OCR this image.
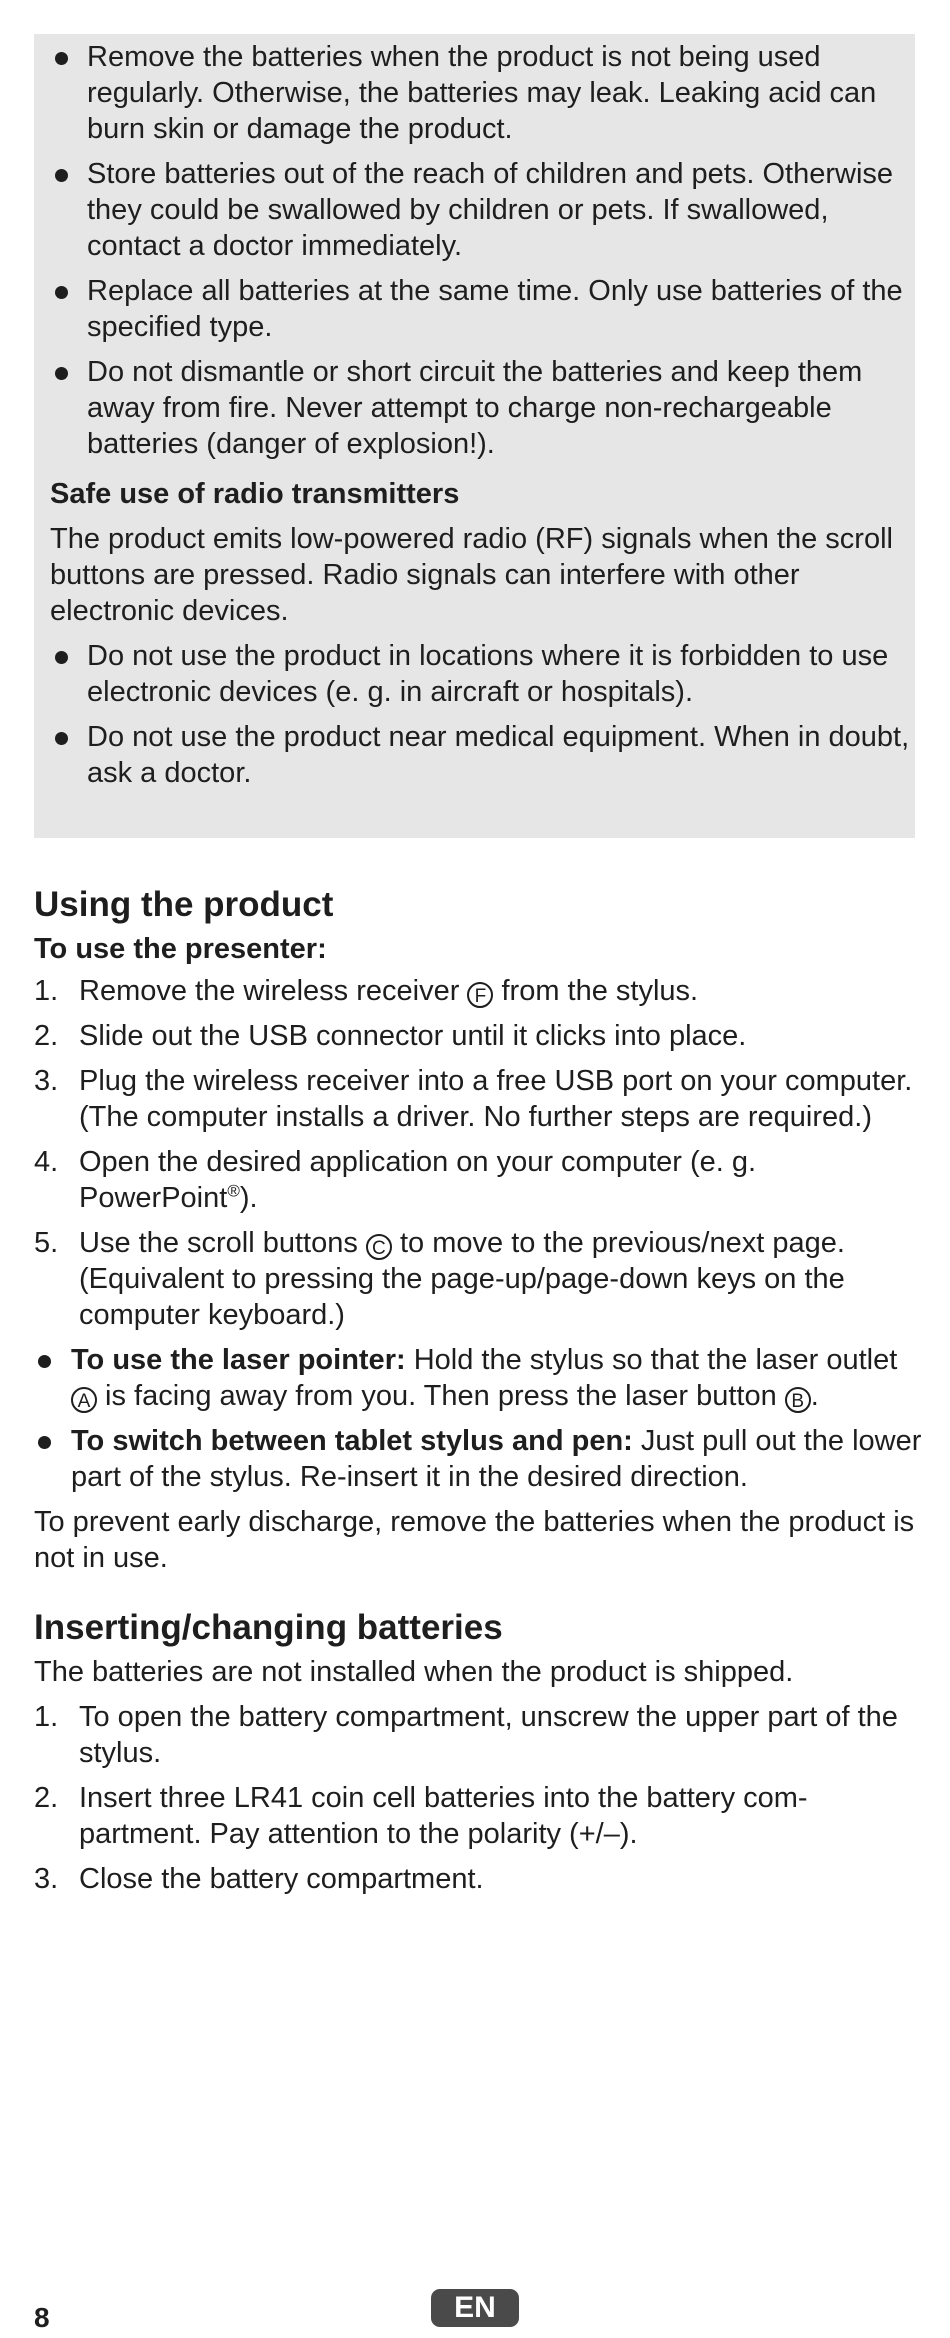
Remove the batteries when the product is not being used regularly. Otherwise, the batteries may leak. Leaking acid can burn skin or damage the product.
Store batteries out of the reach of children and pets. Otherwise they could be swallowed by children or pets. If swallowed, contact a doctor immediately.
Replace all batteries at the same time. Only use batteries of the specified type.
Do not dismantle or short circuit the batteries and keep them away from fire. Never attempt to charge non-rechargeable batteries (danger of explosion!).
Safe use of radio transmitters
The product emits low-powered radio (RF) signals when the scroll buttons are pressed. Radio signals can interfere with other electronic devices.
Do not use the product in locations where it is forbidden to use electronic devices (e. g. in aircraft or hospitals).
Do not use the product near medical equipment. When in doubt, ask a doctor.
Using the product
To use the presenter:
1. Remove the wireless receiver F from the stylus.
2. Slide out the USB connector until it clicks into place.
3. Plug the wireless receiver into a free USB port on your computer. (The computer installs a driver. No further steps are required.)
4. Open the desired application on your computer (e. g. PowerPoint®).
5. Use the scroll buttons C to move to the previous/next page. (Equivalent to pressing the page-up/page-down keys on the computer keyboard.)
To use the laser pointer: Hold the stylus so that the laser outlet A is facing away from you. Then press the laser button B .
To switch between tablet stylus and pen: Just pull out the lower part of the stylus. Re-insert it in the desired direction.
To prevent early discharge, remove the batteries when the product is not in use.
Inserting/changing batteries
The batteries are not installed when the product is shipped.
1. To open the battery compartment, unscrew the upper part of the stylus.
2. Insert three LR41 coin cell batteries into the battery com-partment. Pay attention to the polarity (+/–).
3. Close the battery compartment.
8	EN
